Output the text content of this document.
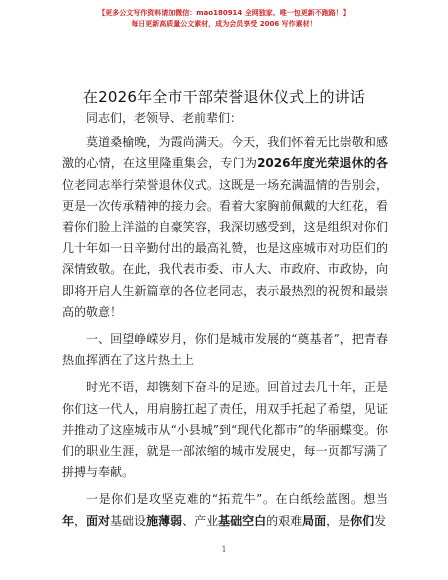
【更多公文写作资料请加微信：mao180914 全网独家、唯一包更新不跑路！】
每日更新高质量公文素材，成为会员享受 2006 写作素材！
在2026年全市干部荣誉退休仪式上的讲话

同志们，老领导、老前辈们：

莫道桑榆晚，为霞尚满天。今天，我们怀着无比崇敬和感激的心情，在这里隆重集会，专门为2026年度光荣退休的各位老同志举行荣誉退休仪式。这既是一场充满温情的告别会，更是一次传承精神的接力会。看着大家胸前佩戴的大红花，看着你们脸上洋溢的自豪笑容，我深切感受到，这是组织对你们几十年如一日辛勤付出的最高礼赞，也是这座城市对功臣们的深情致敬。在此，我代表市委、市人大、市政府、市政协，向即将开启人生新篇章的各位老同志，表示最热烈的祝贺和最崇高的敬意！

一、回望峥嵘岁月，你们是城市发展的“奠基者”，把青春热血挥洒在了这片热土上

时光不语，却镌刻下奋斗的足迹。回首过去几十年，正是你们这一代人，用肩膀扛起了责任，用双手托起了希望，见证并推动了这座城市从“小县城”到“现代化都市”的华丽蝶变。你们的职业生涯，就是一部浓缩的城市发展史，每一页都写满了拼搏与奉献。

一是你们是攻坚克难的“拓荒牛”。在白纸绘蓝图。想当年，面对基础设施薄弱、产业基础空白的艰难局面，是你们发

1
